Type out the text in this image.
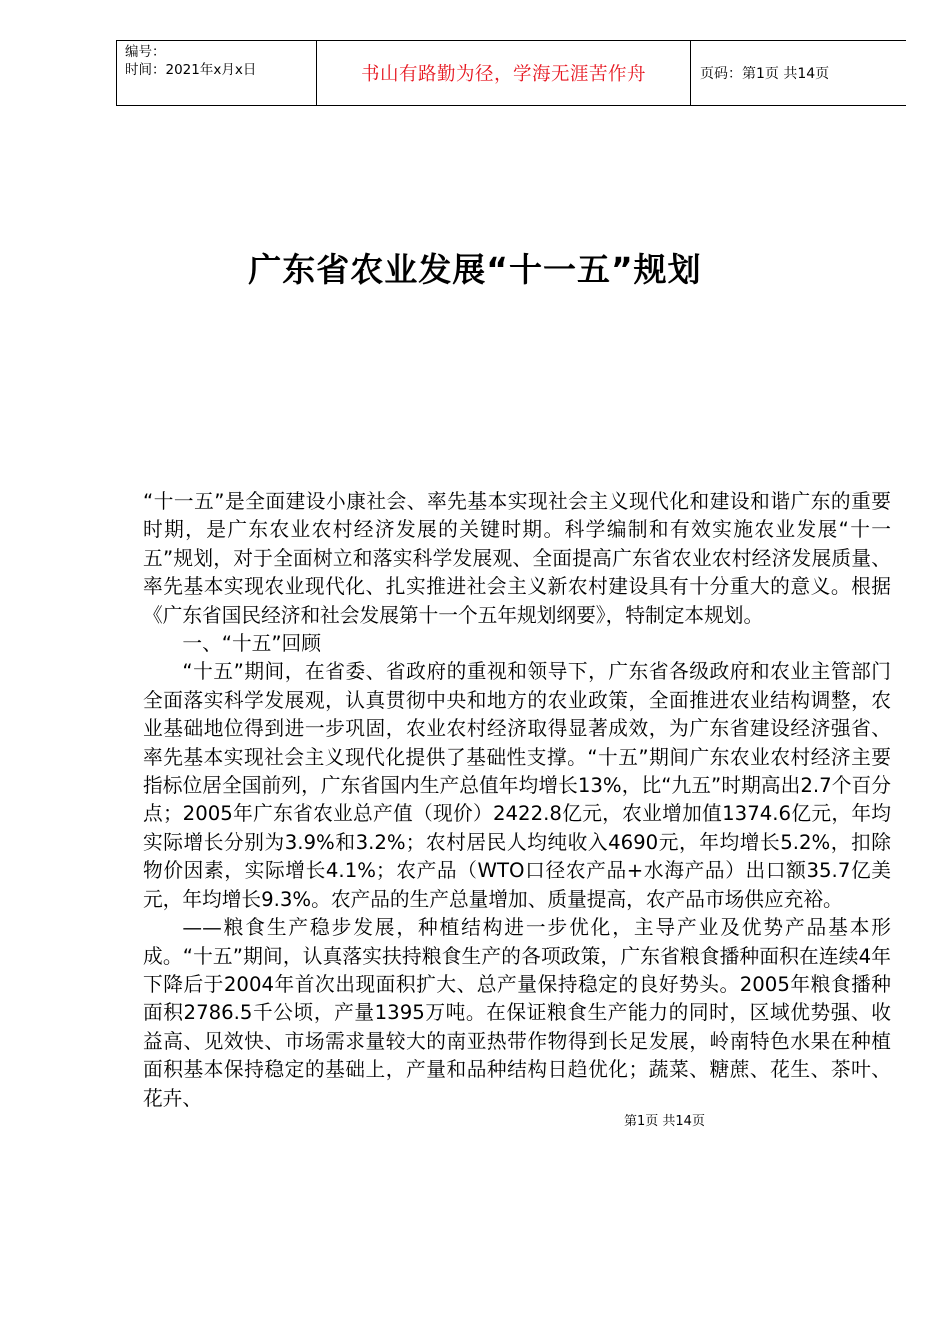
编号：
时间：2021年x月x日	书山有路勤为径，学海无涯苦作舟	页码：第1页 共14页
广东省农业发展“十一五”规划

“十一五”是全面建设小康社会、率先基本实现社会主义现代化和建设和谐广东的重要时期，是广东农业农村经济发展的关键时期。科学编制和有效实施农业发展“十一五”规划，对于全面树立和落实科学发展观、全面提高广东省农业农村经济发展质量、率先基本实现农业现代化、扎实推进社会主义新农村建设具有十分重大的意义。根据《广东省国民经济和社会发展第十一个五年规划纲要》，特制定本规划。

一、“十五”回顾

“十五”期间，在省委、省政府的重视和领导下，广东省各级政府和农业主管部门全面落实科学发展观，认真贯彻中央和地方的农业政策，全面推进农业结构调整，农业基础地位得到进一步巩固，农业农村经济取得显著成效，为广东省建设经济强省、率先基本实现社会主义现代化提供了基础性支撑。“十五”期间广东农业农村经济主要指标位居全国前列，广东省国内生产总值年均增长13%，比“九五”时期高出2.7个百分点；2005年广东省农业总产值（现价）2422.8亿元，农业增加值1374.6亿元，年均实际增长分别为3.9%和3.2%；农村居民人均纯收入4690元，年均增长5.2%，扣除物价因素，实际增长4.1%；农产品（WTO口径农产品+水海产品）出口额35.7亿美元，年均增长9.3%。农产品的生产总量增加、质量提高，农产品市场供应充裕。

——粮食生产稳步发展，种植结构进一步优化，主导产业及优势产品基本形成。“十五”期间，认真落实扶持粮食生产的各项政策，广东省粮食播种面积在连续4年下降后于2004年首次出现面积扩大、总产量保持稳定的良好势头。2005年粮食播种面积2786.5千公顷，产量1395万吨。在保证粮食生产能力的同时，区域优势强、收益高、见效快、市场需求量较大的南亚热带作物得到长足发展，岭南特色水果在种植面积基本保持稳定的基础上，产量和品种结构日趋优化；蔬菜、糖蔗、花生、茶叶、花卉、

第1页 共14页
